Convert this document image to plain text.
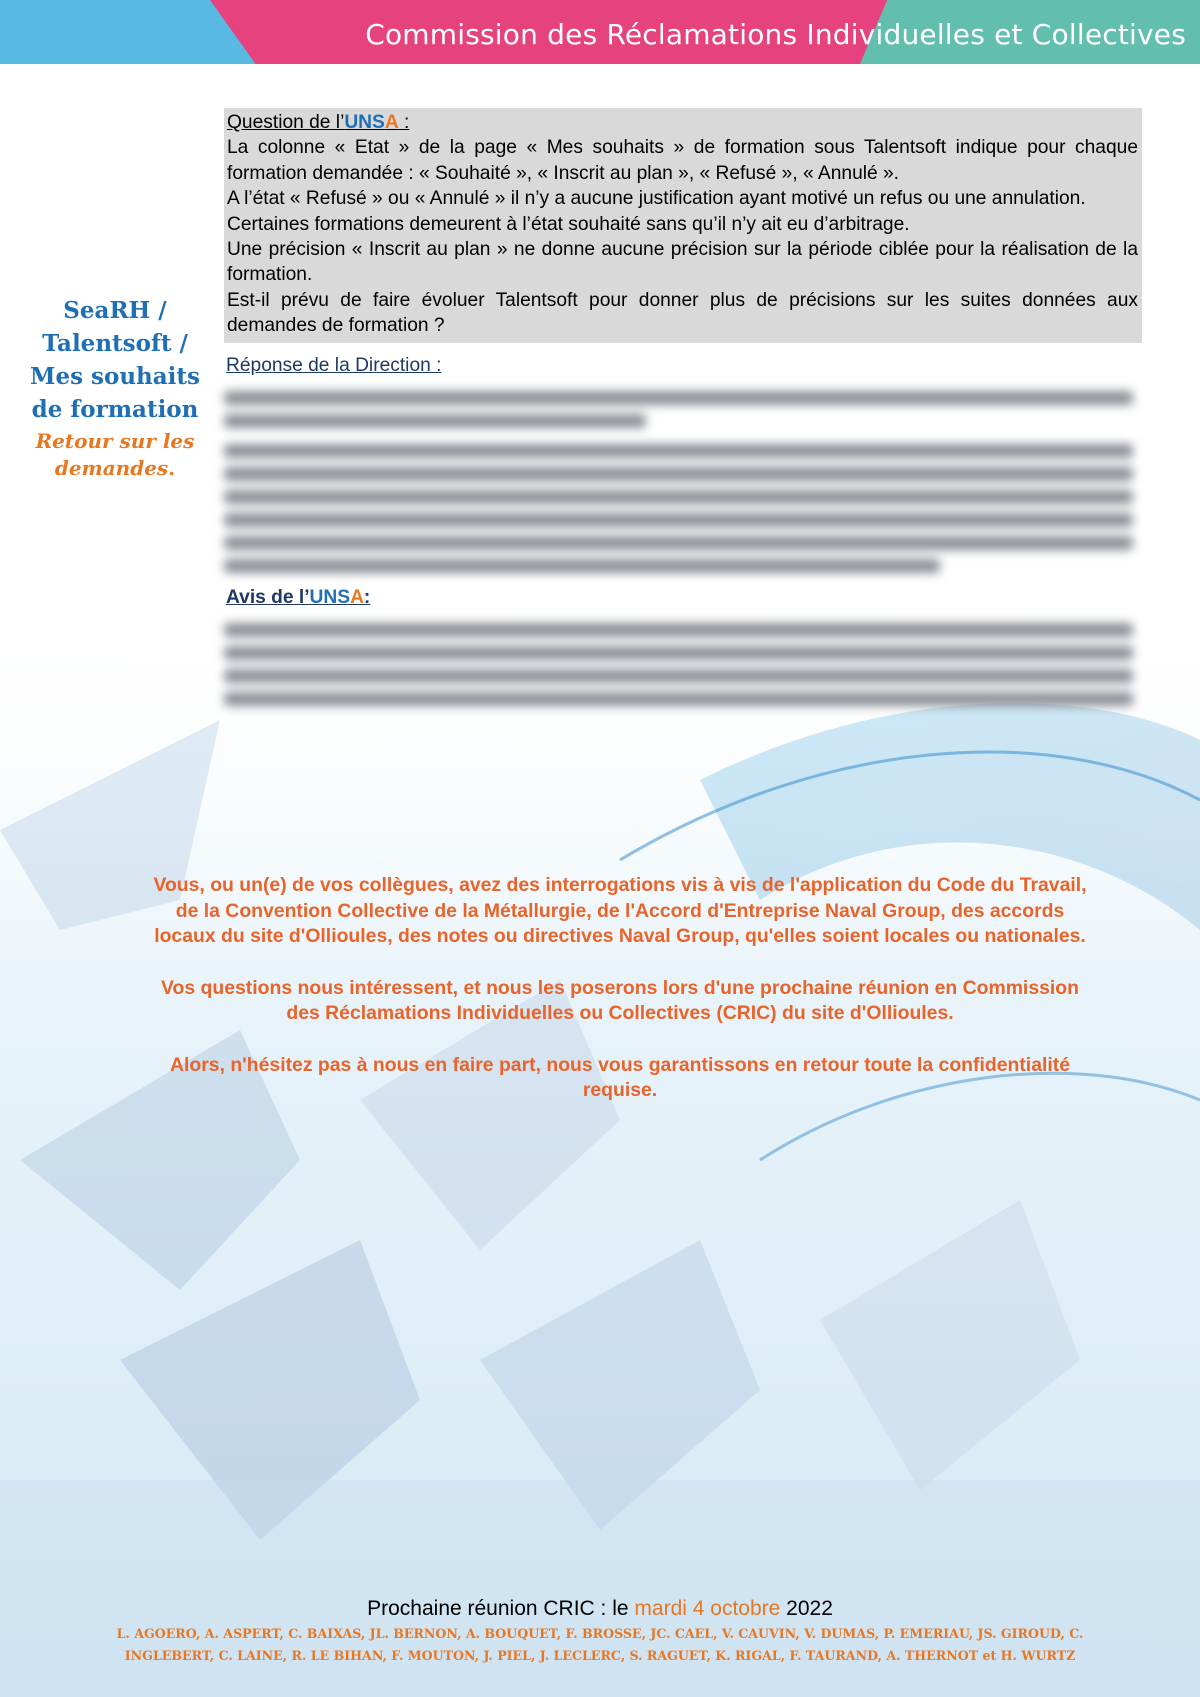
Commission des Réclamations Individuelles et Collectives
SeaRH /
Talentsoft /
Mes souhaits
de formation
Retour sur les
demandes.
Question de l’UNSA :

La colonne « Etat » de la page « Mes souhaits » de formation sous Talentsoft indique pour chaque formation demandée : « Souhaité », « Inscrit au plan », « Refusé », « Annulé ».

A l’état « Refusé » ou « Annulé » il n’y a aucune justification ayant motivé un refus ou une annulation.

Certaines formations demeurent à l’état souhaité sans qu’il n’y ait eu d’arbitrage.

Une précision « Inscrit au plan » ne donne aucune précision sur la période ciblée pour la réalisation de la formation.

Est-il prévu de faire évoluer Talentsoft pour donner plus de précisions sur les suites données aux demandes de formation ?

Réponse de la Direction :
Avis de l’UNSA:

Vous, ou un(e) de vos collègues, avez des interrogations vis à vis de l'application du Code du Travail, de la Convention Collective de la Métallurgie, de l'Accord d'Entreprise Naval Group, des accords locaux du site d'Ollioules, des notes ou directives Naval Group, qu'elles soient locales ou nationales.

Vos questions nous intéressent, et nous les poserons lors d'une prochaine réunion en Commission des Réclamations Individuelles ou Collectives (CRIC) du site d'Ollioules.

Alors, n'hésitez pas à nous en faire part, nous vous garantissons en retour toute la confidentialité requise.

Prochaine réunion CRIC : le mardi 4 octobre 2022
L. AGOERO, A. ASPERT, C. BAIXAS, JL. BERNON, A. BOUQUET, F. BROSSE, JC. CAEL, V. CAUVIN, V. DUMAS, P. EMERIAU, JS. GIROUD, C.
INGLEBERT, C. LAINE, R. LE BIHAN, F. MOUTON, J. PIEL, J. LECLERC, S. RAGUET, K. RIGAL, F. TAURAND, A. THERNOT et H. WURTZ
